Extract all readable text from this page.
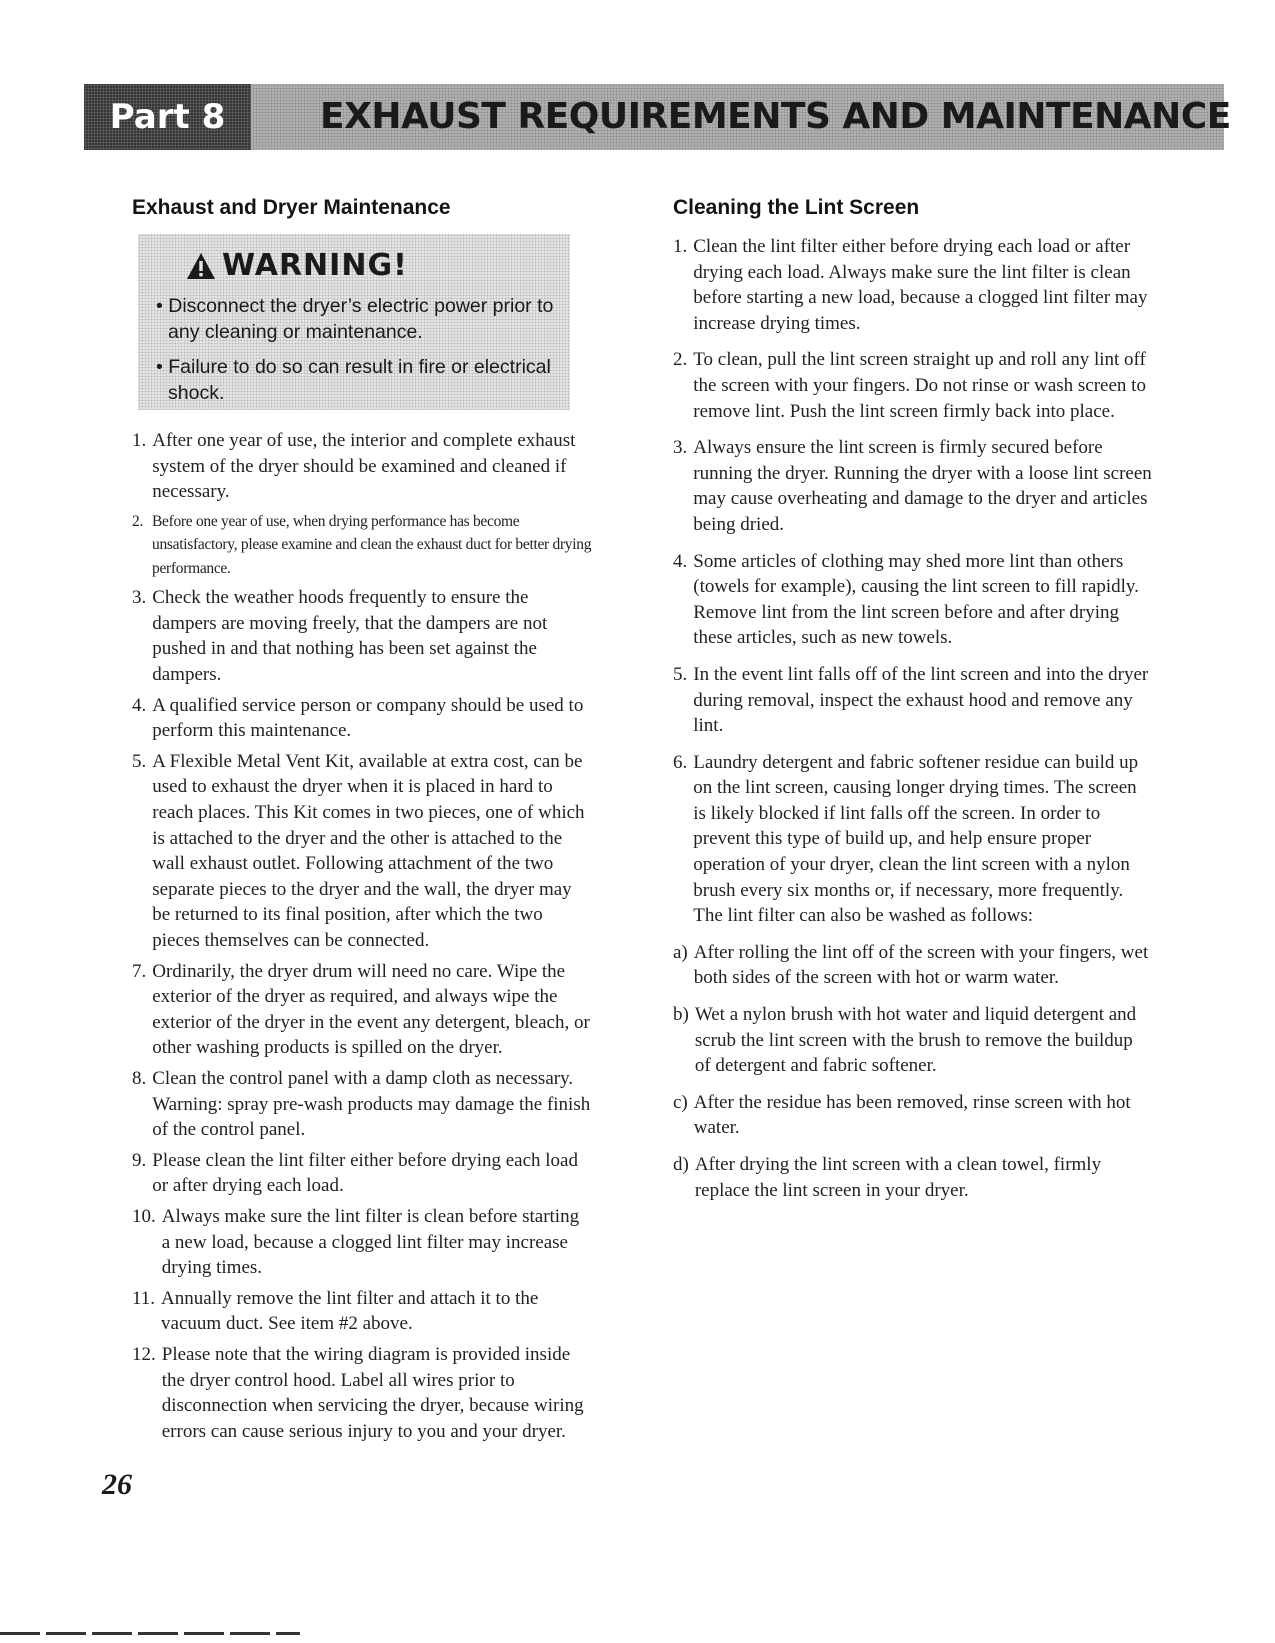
Part 8	EXHAUST REQUIREMENTS AND MAINTENANCE
Exhaust and Dryer Maintenance
WARNING!
• Disconnect the dryer’s electric power prior to any cleaning or maintenance.
• Failure to do so can result in fire or electrical shock.
1. After one year of use, the interior and complete exhaust system of the dryer should be examined and cleaned if necessary.
2. Before one year of use, when drying performance has become unsatisfactory, please examine and clean the exhaust duct for better drying performance.
3. Check the weather hoods frequently to ensure the dampers are moving freely, that the dampers are not pushed in and that nothing has been set against the dampers.
4. A qualified service person or company should be used to perform this maintenance.
5. A Flexible Metal Vent Kit, available at extra cost, can be used to exhaust the dryer when it is placed in hard to reach places. This Kit comes in two pieces, one of which is attached to the dryer and the other is attached to the wall exhaust outlet. Following attachment of the two separate pieces to the dryer and the wall, the dryer may be returned to its final position, after which the two pieces themselves can be connected.
7. Ordinarily, the dryer drum will need no care. Wipe the exterior of the dryer as required, and always wipe the exterior of the dryer in the event any detergent, bleach, or other washing products is spilled on the dryer.
8. Clean the control panel with a damp cloth as necessary. Warning: spray pre-wash products may damage the finish of the control panel.
9. Please clean the lint filter either before drying each load or after drying each load.
10. Always make sure the lint filter is clean before starting a new load, because a clogged lint filter may increase drying times.
11. Annually remove the lint filter and attach it to the vacuum duct. See item #2 above.
12. Please note that the wiring diagram is provided inside the dryer control hood. Label all wires prior to disconnection when servicing the dryer, because wiring errors can cause serious injury to you and your dryer.
Cleaning the Lint Screen
1. Clean the lint filter either before drying each load or after drying each load. Always make sure the lint filter is clean before starting a new load, because a clogged lint filter may increase drying times.
2. To clean, pull the lint screen straight up and roll any lint off the screen with your fingers. Do not rinse or wash screen to remove lint. Push the lint screen firmly back into place.
3. Always ensure the lint screen is firmly secured before running the dryer. Running the dryer with a loose lint screen may cause overheating and damage to the dryer and articles being dried.
4. Some articles of clothing may shed more lint than others (towels for example), causing the lint screen to fill rapidly. Remove lint from the lint screen before and after drying these articles, such as new towels.
5. In the event lint falls off of the lint screen and into the dryer during removal, inspect the exhaust hood and remove any lint.
6. Laundry detergent and fabric softener residue can build up on the lint screen, causing longer drying times. The screen is likely blocked if lint falls off the screen. In order to prevent this type of build up, and help ensure proper operation of your dryer, clean the lint screen with a nylon brush every six months or, if necessary, more frequently. The lint filter can also be washed as follows:
a) After rolling the lint off of the screen with your fingers, wet both sides of the screen with hot or warm water.
b) Wet a nylon brush with hot water and liquid detergent and scrub the lint screen with the brush to remove the buildup of detergent and fabric softener.
c) After the residue has been removed, rinse screen with hot water.
d) After drying the lint screen with a clean towel, firmly replace the lint screen in your dryer.
26
